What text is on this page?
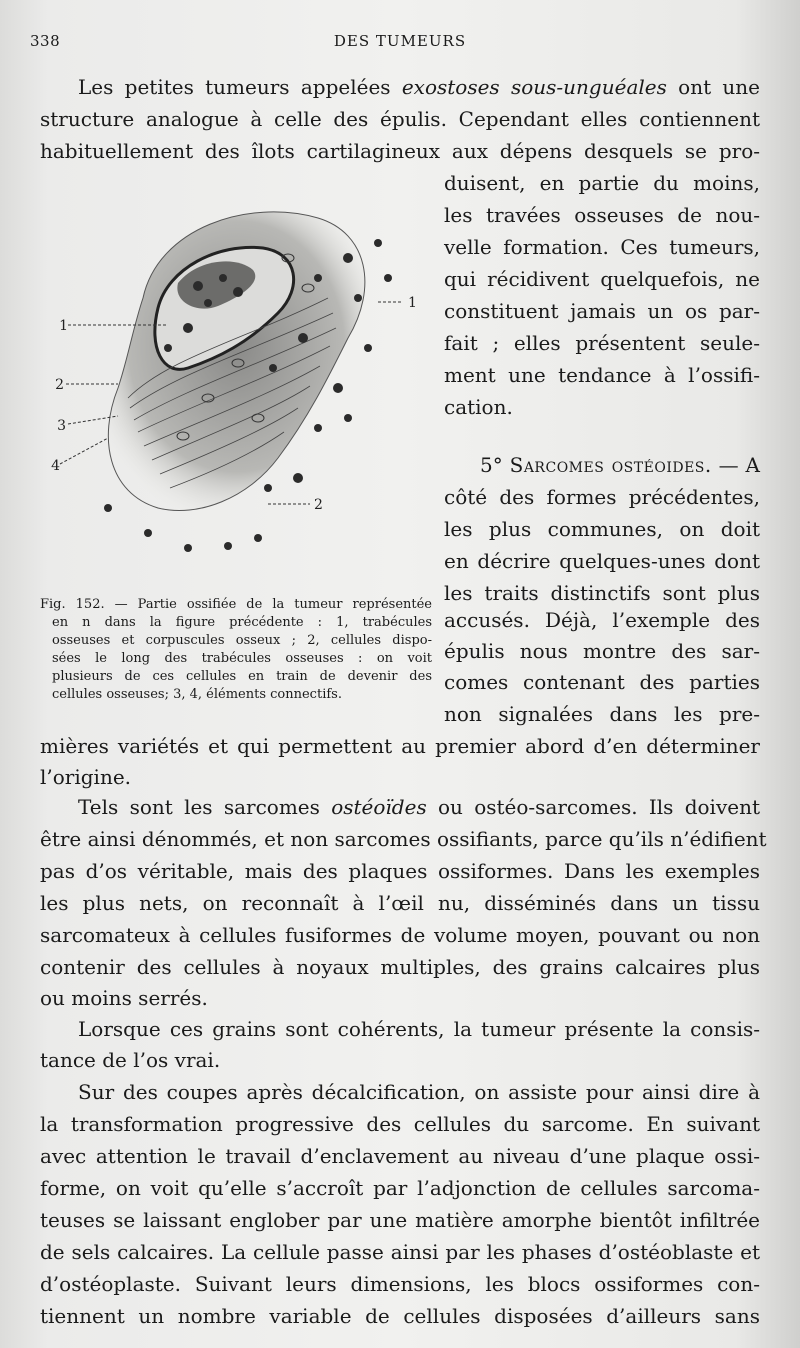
338	DES TUMEURS
Les petites tumeurs appelées exostoses sous-unguéales ont une
structure analogue à celle des épulis. Cependant elles contiennent
habituellement des îlots cartilagineux aux dépens desquels se pro-
duisent, en partie du moins,
les travées osseuses de nou-
velle formation. Ces tumeurs,
qui récidivent quelquefois, ne
constituent jamais un os par-
fait ; elles présentent seule-
ment une tendance à l’ossifi-
cation.
5° Sarcomes ostéoides. — A
côté des formes précédentes,
les plus communes, on doit
en décrire quelques-unes dont
les traits distinctifs sont plus
accusés. Déjà, l’exemple des
épulis nous montre des sar-
comes contenant des parties
non signalées dans les pre-
mières variétés et qui permettent au premier abord d’en déterminer
l’origine.
1
2
3
4
1
2
Fig. 152. — Partie ossifiée de la tumeur représentée
en n dans la figure précédente : 1, trabécules
osseuses et corpuscules osseux ; 2, cellules dispo-
sées le long des trabécules osseuses : on voit
plusieurs de ces cellules en train de devenir des
cellules osseuses; 3, 4, éléments connectifs.
Tels sont les sarcomes ostéoïdes ou ostéo-sarcomes. Ils doivent
être ainsi dénommés, et non sarcomes ossifiants, parce qu’ils n’édifient
pas d’os véritable, mais des plaques ossiformes. Dans les exemples
les plus nets, on reconnaît à l’œil nu, disséminés dans un tissu
sarcomateux à cellules fusiformes de volume moyen, pouvant ou non
contenir des cellules à noyaux multiples, des grains calcaires plus
ou moins serrés.
Lorsque ces grains sont cohérents, la tumeur présente la consis-
tance de l’os vrai.
Sur des coupes après décalcification, on assiste pour ainsi dire à
la transformation progressive des cellules du sarcome. En suivant
avec attention le travail d’enclavement au niveau d’une plaque ossi-
forme, on voit qu’elle s’accroît par l’adjonction de cellules sarcoma-
teuses se laissant englober par une matière amorphe bientôt infiltrée
de sels calcaires. La cellule passe ainsi par les phases d’ostéoblaste et
d’ostéoplaste. Suivant leurs dimensions, les blocs ossiformes con-
tiennent un nombre variable de cellules disposées d’ailleurs sans
